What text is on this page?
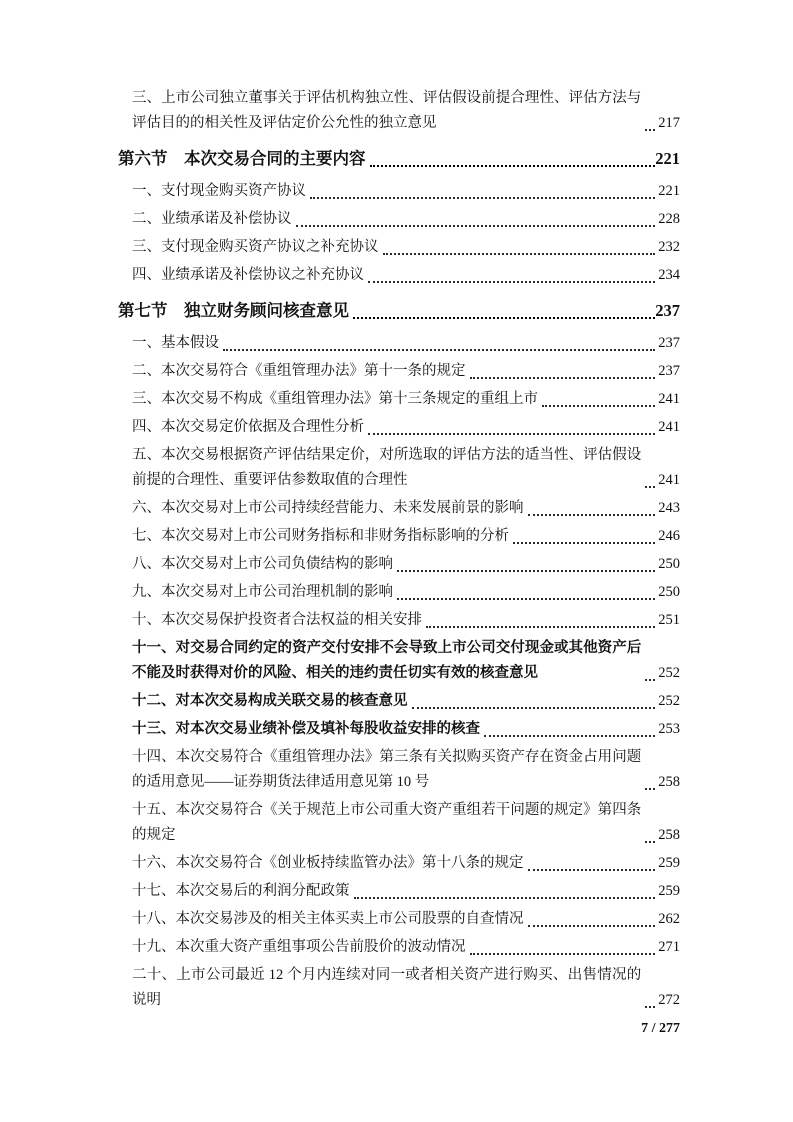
三、上市公司独立董事关于评估机构独立性、评估假设前提合理性、评估方法与评估目的的相关性及评估定价公允性的独立意见	217
第六节　本次交易合同的主要内容	221
一、支付现金购买资产协议	221
二、业绩承诺及补偿协议	228
三、支付现金购买资产协议之补充协议	232
四、业绩承诺及补偿协议之补充协议	234
第七节　独立财务顾问核查意见	237
一、基本假设	237
二、本次交易符合《重组管理办法》第十一条的规定	237
三、本次交易不构成《重组管理办法》第十三条规定的重组上市	241
四、本次交易定价依据及合理性分析	241
五、本次交易根据资产评估结果定价，对所选取的评估方法的适当性、评估假设前提的合理性、重要评估参数取值的合理性	241
六、本次交易对上市公司持续经营能力、未来发展前景的影响	243
七、本次交易对上市公司财务指标和非财务指标影响的分析	246
八、本次交易对上市公司负债结构的影响	250
九、本次交易对上市公司治理机制的影响	250
十、本次交易保护投资者合法权益的相关安排	251
十一、对交易合同约定的资产交付安排不会导致上市公司交付现金或其他资产后不能及时获得对价的风险、相关的违约责任切实有效的核查意见	252
十二、对本次交易构成关联交易的核查意见	252
十三、对本次交易业绩补偿及填补每股收益安排的核查	253
十四、本次交易符合《重组管理办法》第三条有关拟购买资产存在资金占用问题的适用意见——证券期货法律适用意见第 10 号	258
十五、本次交易符合《关于规范上市公司重大资产重组若干问题的规定》第四条的规定	258
十六、本次交易符合《创业板持续监管办法》第十八条的规定	259
十七、本次交易后的利润分配政策	259
十八、本次交易涉及的相关主体买卖上市公司股票的自查情况	262
十九、本次重大资产重组事项公告前股价的波动情况	271
二十、上市公司最近 12 个月内连续对同一或者相关资产进行购买、出售情况的说明	272
7 / 277
